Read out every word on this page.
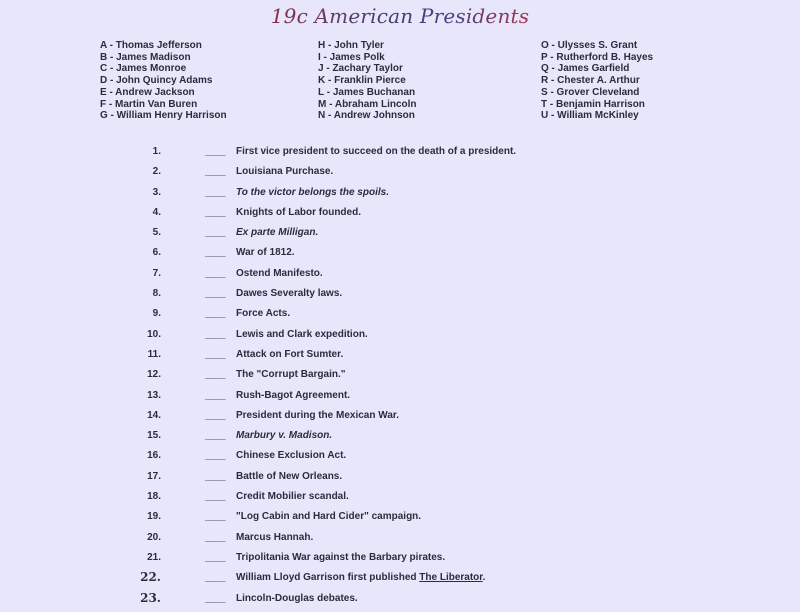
19c American Presidents
A - Thomas Jefferson
B - James Madison
C - James Monroe
D - John Quincy Adams
E - Andrew Jackson
F - Martin Van Buren
G - William Henry Harrison
H - John Tyler
I - James Polk
J - Zachary Taylor
K - Franklin Pierce
L - James Buchanan
M - Abraham Lincoln
N - Andrew Johnson
O - Ulysses S. Grant
P - Rutherford B. Hayes
Q - James Garfield
R - Chester A. Arthur
S - Grover Cleveland
T - Benjamin Harrison
U - William McKinley
1.	____ First vice president to succeed on the death of a president.
2.	____ Louisiana Purchase.
3.	____ To the victor belongs the spoils.
4.	____ Knights of Labor founded.
5.	____ Ex parte Milligan.
6.	____ War of 1812.
7.	____ Ostend Manifesto.
8.	____ Dawes Severalty laws.
9.	____ Force Acts.
10.	____ Lewis and Clark expedition.
11.	____ Attack on Fort Sumter.
12.	____ The "Corrupt Bargain."
13.	____ Rush-Bagot Agreement.
14.	____ President during the Mexican War.
15.	____ Marbury v. Madison.
16.	____ Chinese Exclusion Act.
17.	____ Battle of New Orleans.
18.	____ Credit Mobilier scandal.
19.	____ "Log Cabin and Hard Cider" campaign.
20.	____ Marcus Hannah.
21.	____ Tripolitania War against the Barbary pirates.
22.	____ William Lloyd Garrison first published The Liberator.
23.	____ Lincoln-Douglas debates.
